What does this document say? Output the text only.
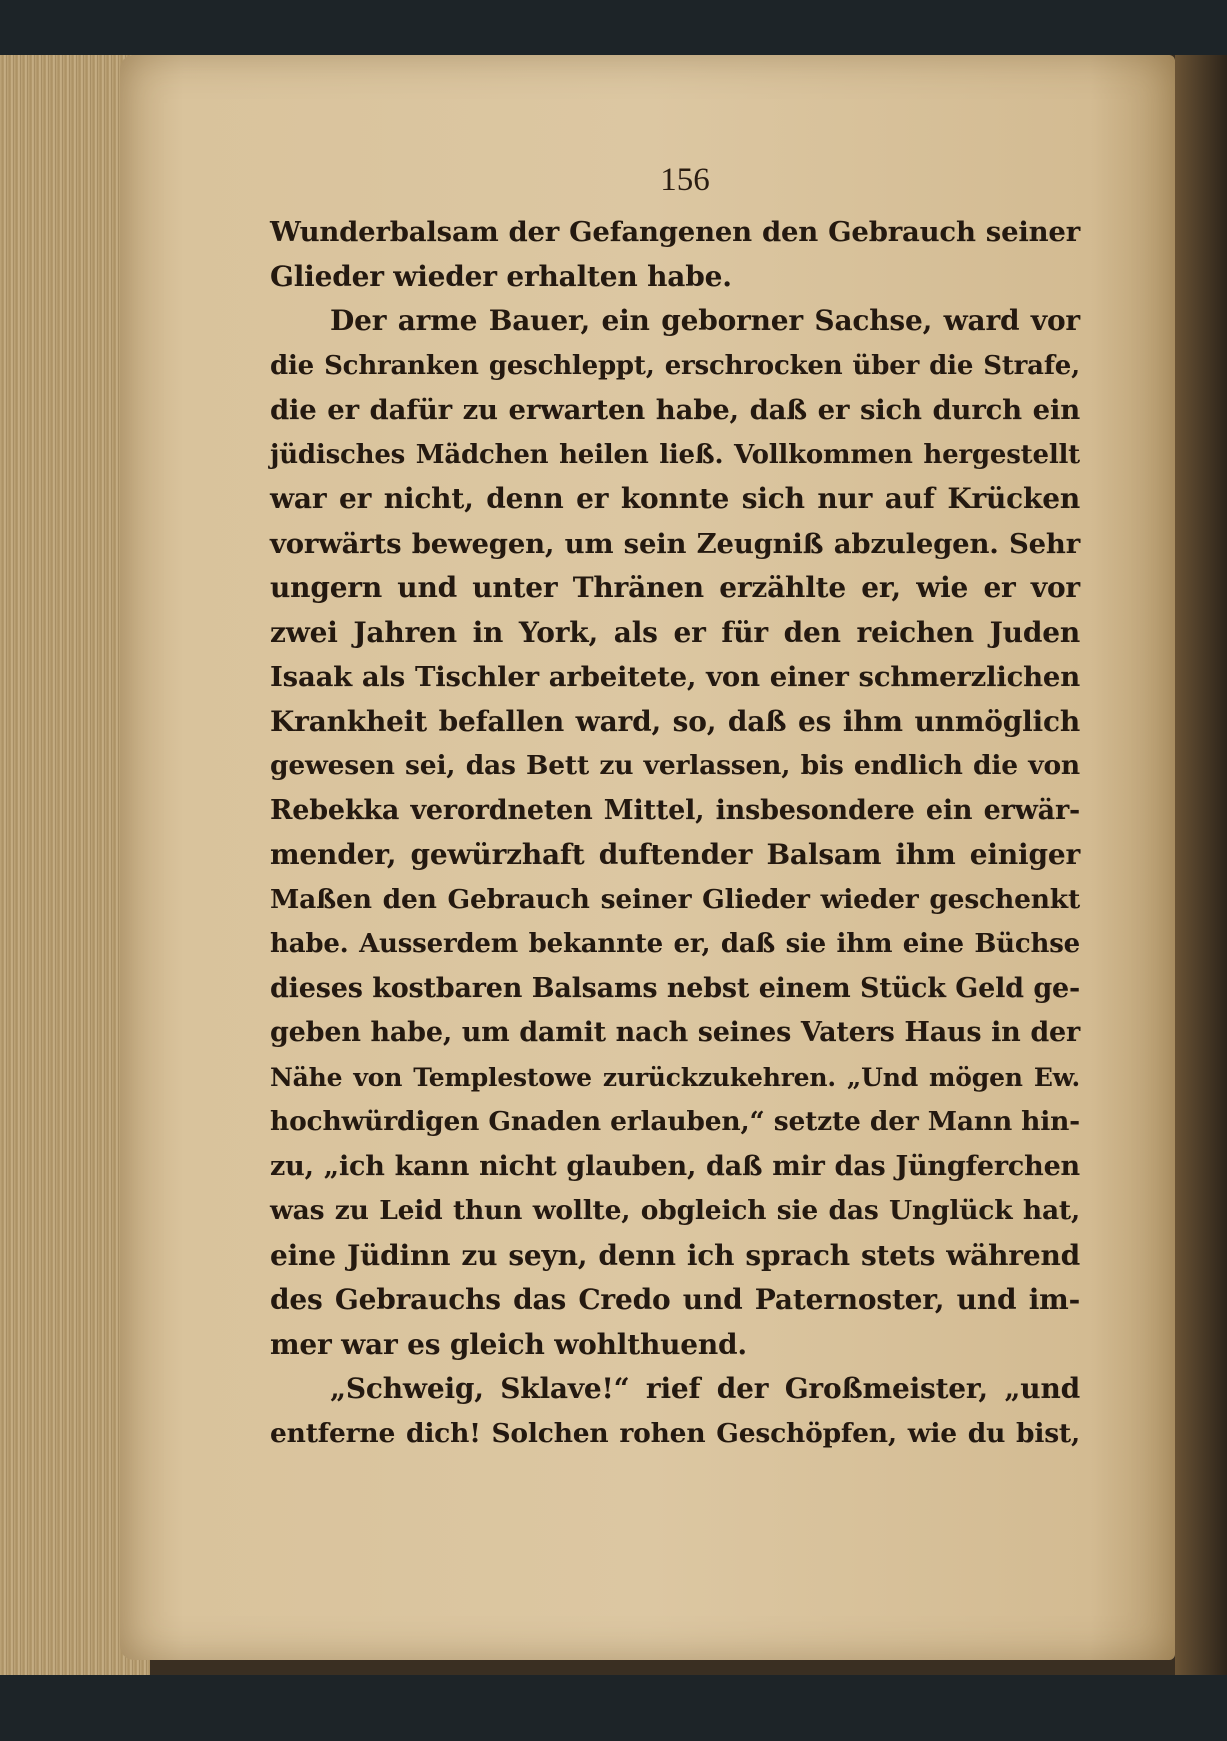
156
Wunderbalsam der Gefangenen den Gebrauch seiner
Glieder wieder erhalten habe.
Der arme Bauer, ein geborner Sachse, ward vor
die Schranken geschleppt, erschrocken über die Strafe,
die er dafür zu erwarten habe, daß er sich durch ein
jüdisches Mädchen heilen ließ. Vollkommen hergestellt
war er nicht, denn er konnte sich nur auf Krücken
vorwärts bewegen, um sein Zeugniß abzulegen. Sehr
ungern und unter Thränen erzählte er, wie er vor
zwei Jahren in York, als er für den reichen Juden
Isaak als Tischler arbeitete, von einer schmerzlichen
Krankheit befallen ward, so, daß es ihm unmöglich
gewesen sei, das Bett zu verlassen, bis endlich die von
Rebekka verordneten Mittel, insbesondere ein erwär-
mender, gewürzhaft duftender Balsam ihm einiger
Maßen den Gebrauch seiner Glieder wieder geschenkt
habe. Ausserdem bekannte er, daß sie ihm eine Büchse
dieses kostbaren Balsams nebst einem Stück Geld ge-
geben habe, um damit nach seines Vaters Haus in der
Nähe von Templestowe zurückzukehren. „Und mögen Ew.
hochwürdigen Gnaden erlauben,“ setzte der Mann hin-
zu, „ich kann nicht glauben, daß mir das Jüngferchen
was zu Leid thun wollte, obgleich sie das Unglück hat,
eine Jüdinn zu seyn, denn ich sprach stets während
des Gebrauchs das Credo und Paternoster, und im-
mer war es gleich wohlthuend.
„Schweig, Sklave!“ rief der Großmeister, „und
entferne dich! Solchen rohen Geschöpfen, wie du bist,
